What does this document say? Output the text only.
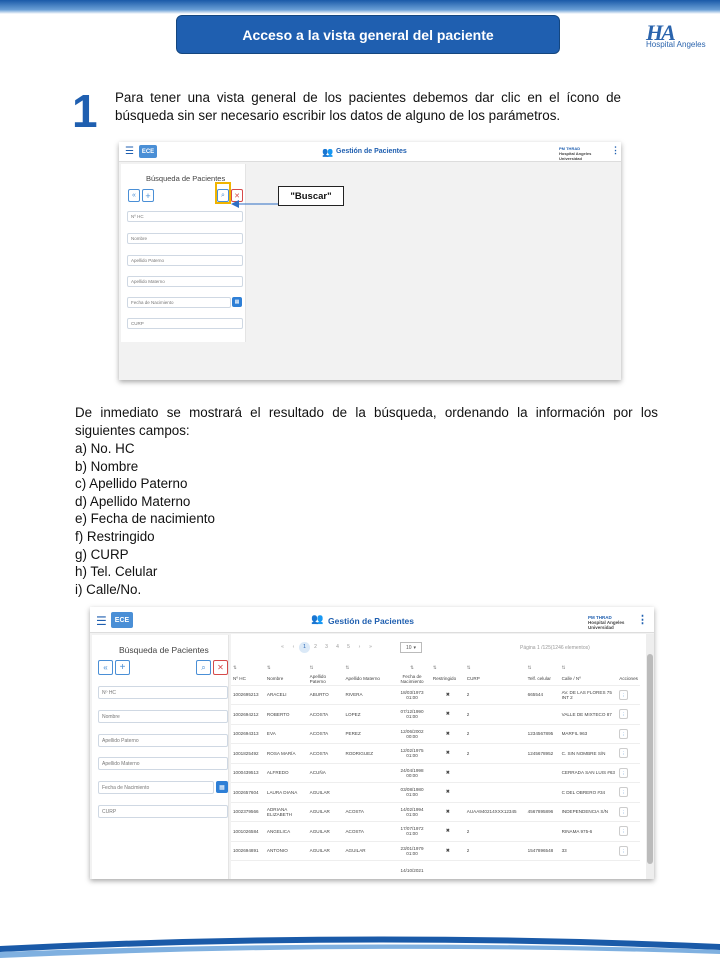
Acceso a la vista general del paciente	HA
Hospital Angeles
1 Para tener una vista general de los pacientes debemos dar clic en el ícono de búsqueda sin ser necesario escribir los datos de alguno de los parámetros.
☰	ECE	👥 Gestión de Pacientes	PM THRAD
Hospital Angeles Universidad
⋮
Búsqueda de Pacientes
«	+	⌕	✕
Nº HC
Nombre
Apellido Paterno
Apellido Materno
Fecha de Nacimiento	▦
CURP
"Buscar"
De inmediato se mostrará el resultado de la búsqueda, ordenando la información por los siguientes campos:
a) No. HC
b) Nombre
c) Apellido Paterno
d) Apellido Materno
e) Fecha de nacimiento
f) Restringido
g) CURP
h) Tel. Celular
i) Calle/No.
☰	ECE	👥 Gestión de Pacientes	PM THRAD
Hospital Angeles Universidad
⋮
Búsqueda de Pacientes
«	+	⌕	✕
Nº HC
Nombre
Apellido Paterno
Apellido Materno
Fecha de Nacimiento	▦
CURP
«	‹	1	2	3	4	5	›	»	10 ▾	Página 1 /125(1246 elementos)
⇅	⇅	⇅	⇅	⇅	⇅	⇅	⇅	⇅	
Nº HC	Nombre	Apellido Paterno	Apellido Materno	Fecha de Nacimiento	Restringido	CURP	Telf. celular	Calle / Nº	Acciones
1002695213	ARACELI	ABURTO	RIVERA	18/03/1973 01:00	✖	2	665544	AV. DE LAS FLORES 75 INT 2	⋮
1002694212	ROBERTO	ACOSTA	LOPEZ	07/12/1990 01:00	✖	2		VALLE DE MIXTECO 87	⋮
1002694313	EVA	ACOSTA	PEREZ	12/06/2002 00:00	✖	2	1234567895	MARFIL 963	⋮
1001825492	ROSA MARÍA	ACOSTA	RODRIGUEZ	12/02/1975 01:00	✖	2	1245678952	C. SIN NOMBRE S/N	⋮
1000439513	ALFREDO	ACUÑA		24/04/1998 00:00	✖			CERRADA SAN LUIS #63	⋮
1002657604	LAURA DIANA	AGUILAR		03/08/1980 01:00	✖			C DEL OBRERO #34	⋮
1002379566	ADRIANA ELIZABETH	AGUILAR	ACOSTA	14/02/1994 01:00	✖	AUAA940214XXX12345	4567895896	INDEPENDENCIA S/N	⋮
1001026584	ANGELICA	AGUILAR	ACOSTA	17/07/1972 01:00	✖	2		RINAMA 975-6	⋮
1002694891	ANTONIO	AGUILAR	AGUILAR	23/01/1979 01:00	✖	2	1547896548	33	⋮
				14/10/2021					
